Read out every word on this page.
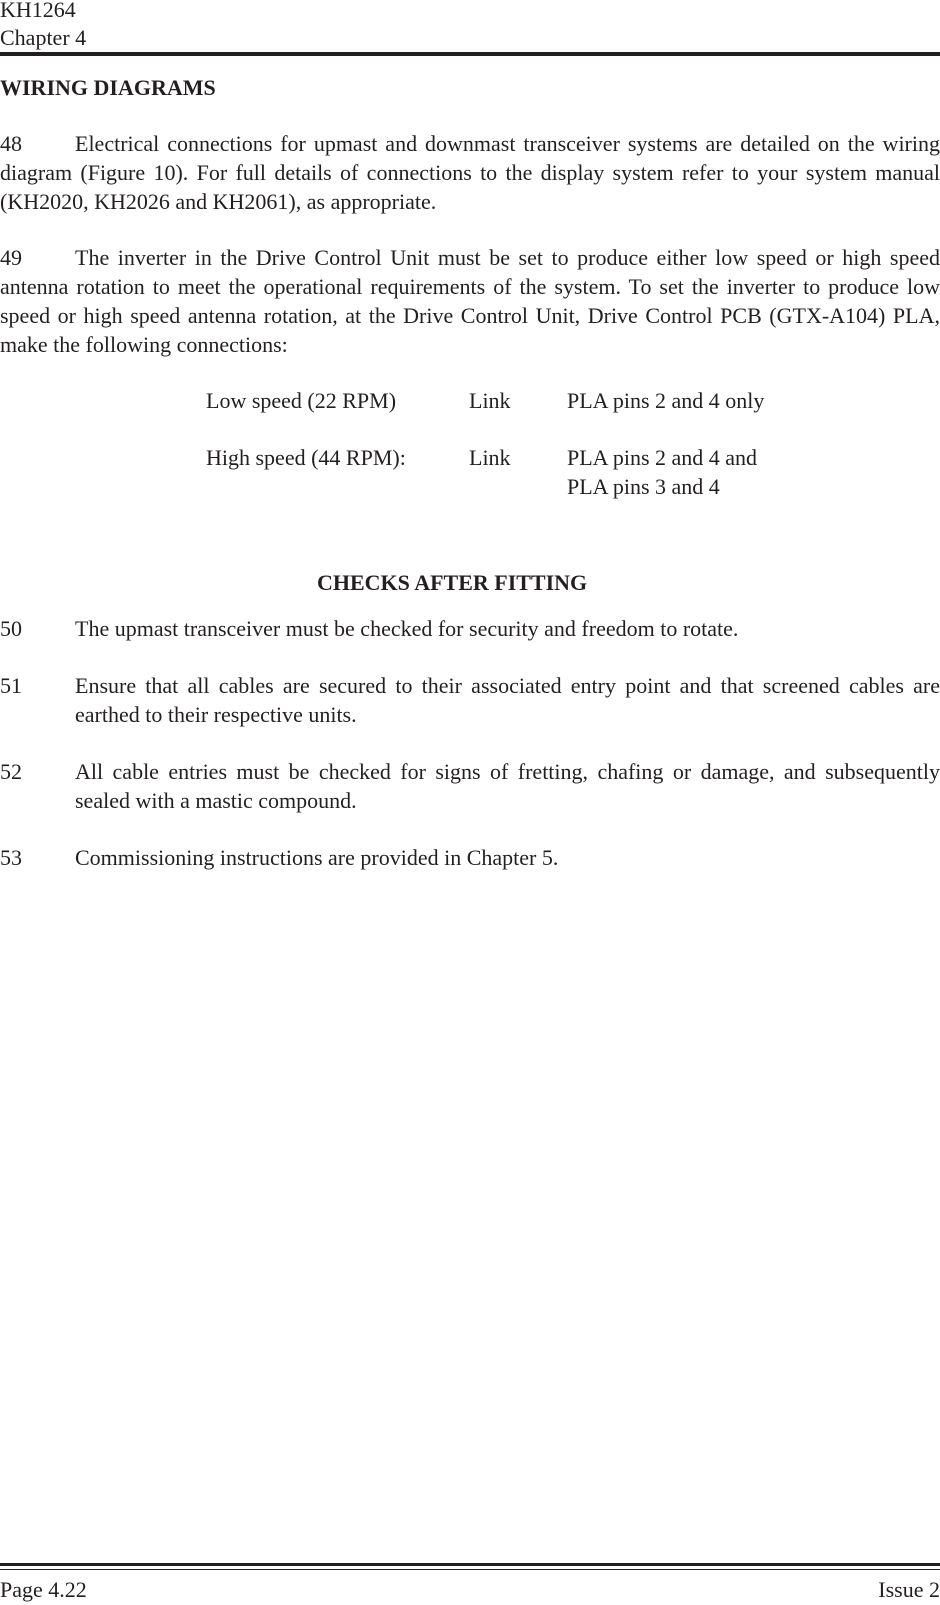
KH1264
Chapter 4
WIRING DIAGRAMS
48	Electrical connections for upmast and downmast transceiver systems are detailed on the wiring diagram (Figure 10). For full details of connections to the display system refer to your system manual (KH2020, KH2026 and KH2061), as appropriate.
49	The inverter in the Drive Control Unit must be set to produce either low speed or high speed antenna rotation to meet the operational requirements of the system. To set the inverter to produce low speed or high speed antenna rotation, at the Drive Control Unit, Drive Control PCB (GTX-A104) PLA, make the following connections:
Low speed (22 RPM)	Link	PLA pins 2 and 4 only
High speed (44 RPM):	Link	PLA pins 2 and 4 and
PLA pins 3 and 4
CHECKS AFTER FITTING
50 The upmast transceiver must be checked for security and freedom to rotate.
51 Ensure that all cables are secured to their associated entry point and that screened cables are earthed to their respective units.
52 All cable entries must be checked for signs of fretting, chafing or damage, and subsequently sealed with a mastic compound.
53 Commissioning instructions are provided in Chapter 5.
Page 4.22	Issue 2
